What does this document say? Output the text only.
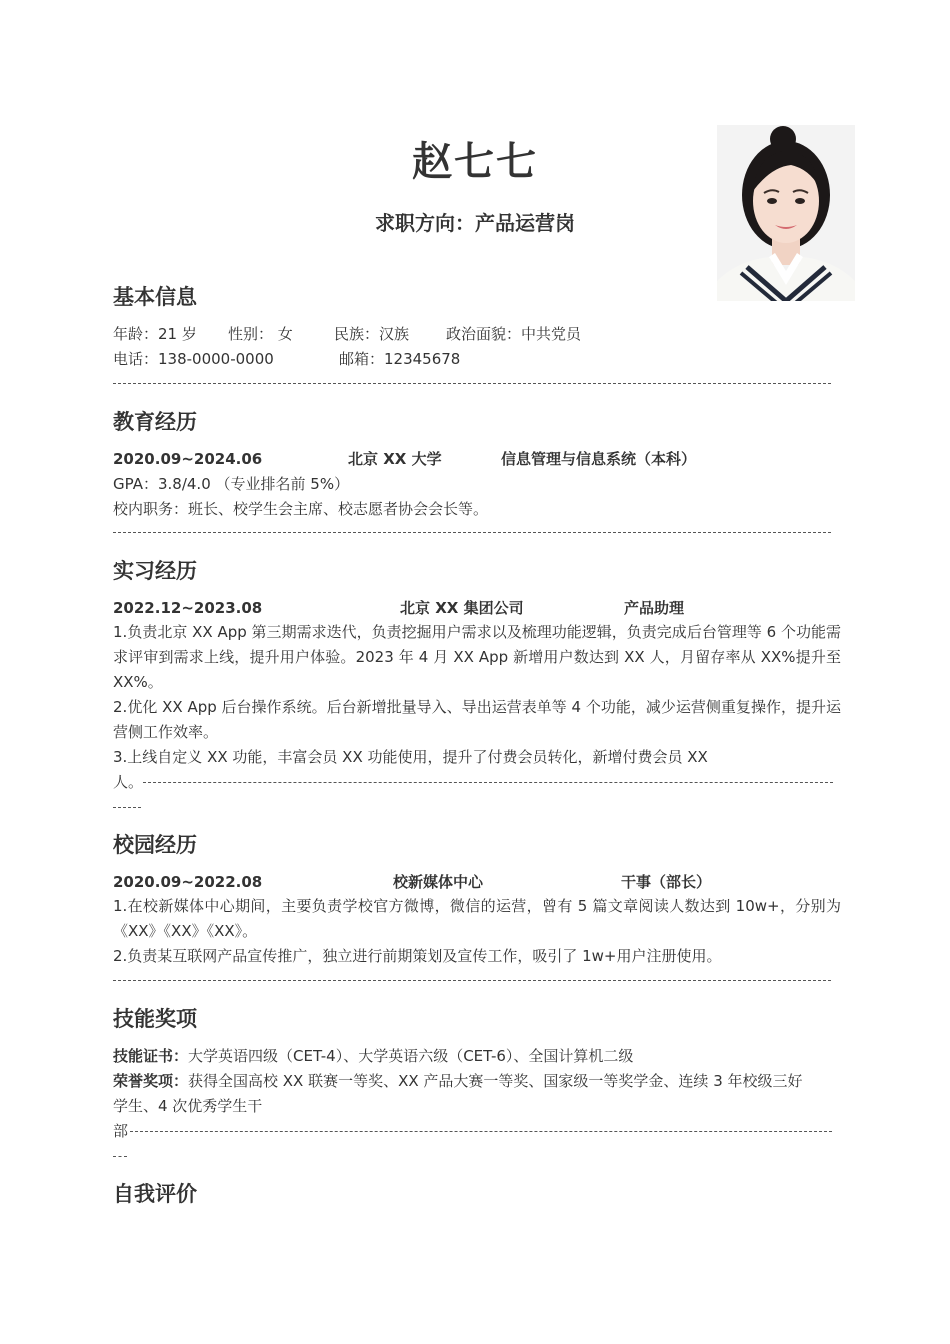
赵七七
求职方向：产品运营岗
基本信息
年龄：21 岁 性别： 女	民族：汉族 政治面貌：中共党员
电话：138-0000-0000	邮箱：12345678
教育经历
2020.09~2024.06	北京 XX 大学	信息管理与信息系统（本科）
GPA：3.8/4.0 （专业排名前 5%）
校内职务：班长、校学生会主席、校志愿者协会会长等。
实习经历
2022.12~2023.08	北京 XX 集团公司	产品助理
1.负责北京 XX App 第三期需求迭代，负责挖掘用户需求以及梳理功能逻辑，负责完成后台管理等 6 个功能需求评审到需求上线，提升用户体验。2023 年 4 月 XX App 新增用户数达到 XX 人，月留存率从 XX%提升至 XX%。
2.优化 XX App 后台操作系统。后台新增批量导入、导出运营表单等 4 个功能，减少运营侧重复操作，提升运营侧工作效率。
3.上线自定义 XX 功能，丰富会员 XX 功能使用，提升了付费会员转化，新增付费会员 XX
人。
校园经历
2020.09~2022.08	校新媒体中心	干事（部长）
1.在校新媒体中心期间，主要负责学校官方微博，微信的运营，曾有 5 篇文章阅读人数达到 10w+，分别为《XX》《XX》《XX》。
2.负责某互联网产品宣传推广，独立进行前期策划及宣传工作，吸引了 1w+用户注册使用。
技能奖项
技能证书：大学英语四级（CET-4）、大学英语六级（CET-6）、全国计算机二级
荣誉奖项：获得全国高校 XX 联赛一等奖、XX 产品大赛一等奖、国家级一等奖学金、连续 3 年校级三好
学生、4 次优秀学生干
部
自我评价
